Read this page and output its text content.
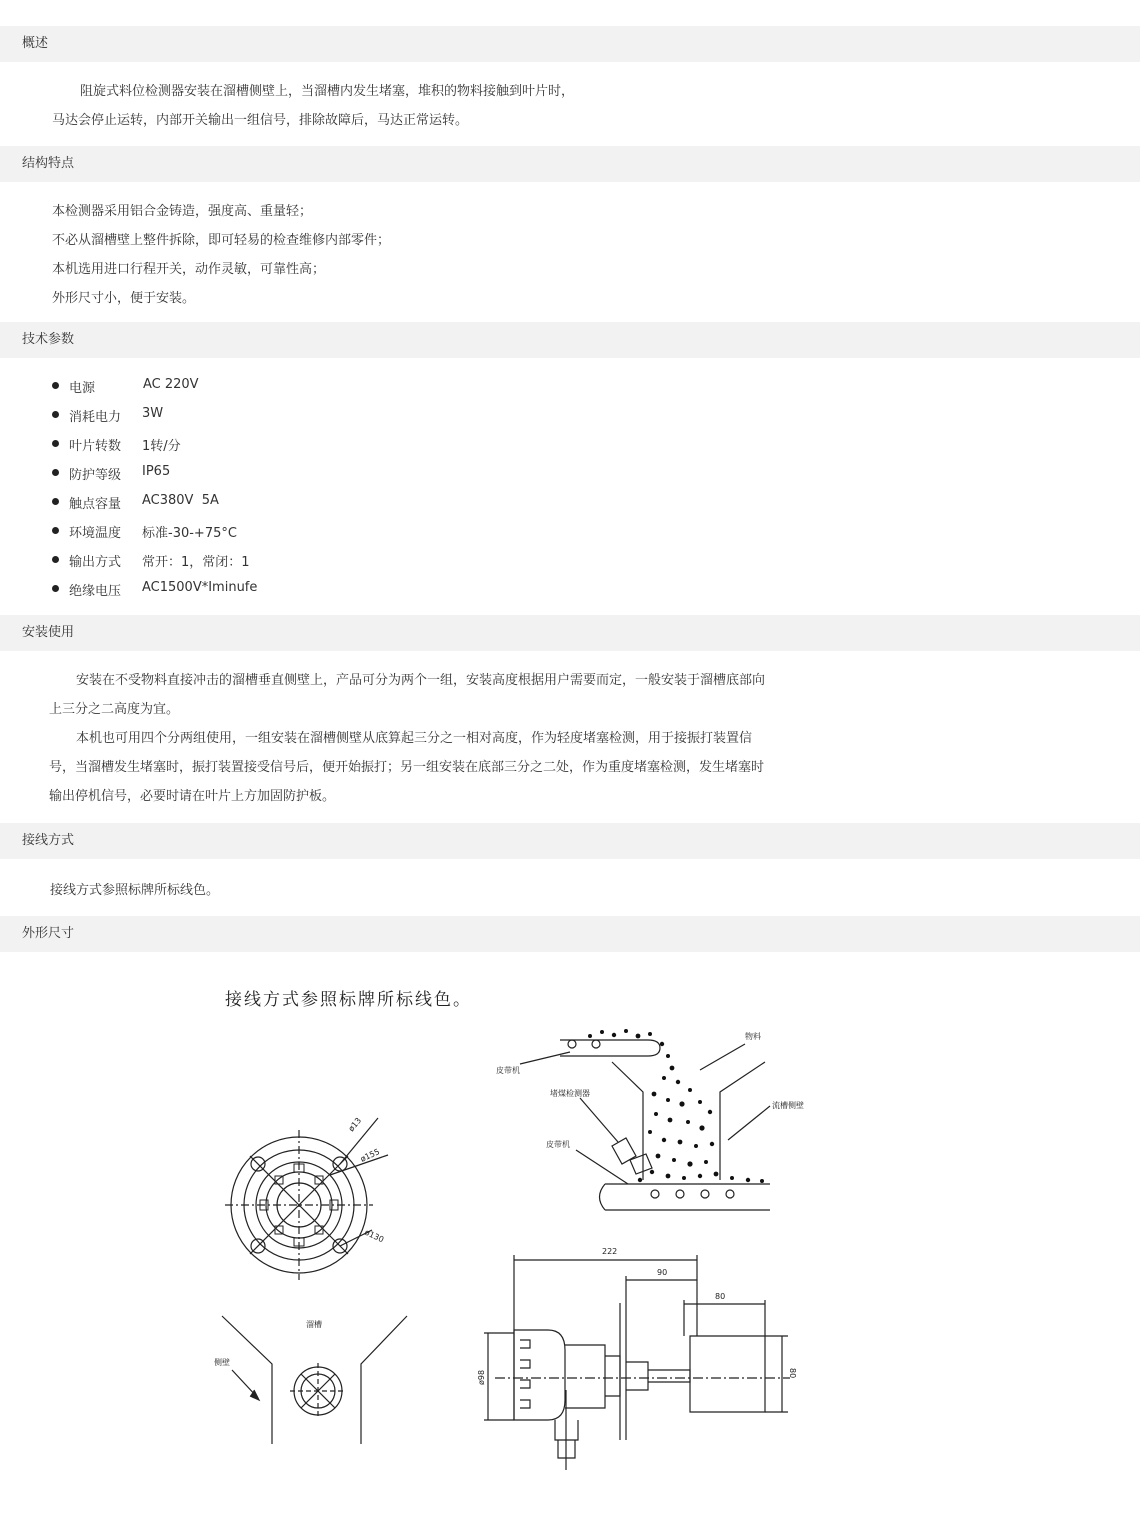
概述
阻旋式料位检测器安装在溜槽侧壁上，当溜槽内发生堵塞，堆积的物料接触到叶片时，
马达会停止运转，内部开关输出一组信号，排除故障后，马达正常运转。
结构特点
本检测器采用铝合金铸造，强度高、重量轻；
不必从溜槽壁上整件拆除，即可轻易的检查维修内部零件；
本机选用进口行程开关，动作灵敏，可靠性高；
外形尺寸小，便于安装。
技术参数
电源	AC 220V
消耗电力 3W
叶片转数 1转/分
防护等级 IP65
触点容量 AC380V  5A
环境温度 标准-30-+75°C
输出方式 常开：1，常闭：1
绝缘电压 AC1500V*Iminufe
安装使用
安装在不受物料直接冲击的溜槽垂直侧壁上，产品可分为两个一组，安装高度根据用户需要而定，一般安装于溜槽底部向
上三分之二高度为宜。
本机也可用四个分两组使用，一组安装在溜槽侧壁从底算起三分之一相对高度，作为轻度堵塞检测，用于接振打装置信
号，当溜槽发生堵塞时，振打装置接受信号后，便开始振打；另一组安装在底部三分之二处，作为重度堵塞检测，发生堵塞时
输出停机信号，必要时请在叶片上方加固防护板。
接线方式
接线方式参照标牌所标线色。
外形尺寸
接线方式参照标牌所标线色。
ø13
ø155
ø130
溜槽
侧壁
皮带机
物料
堵煤检测器
流槽侧壁
皮带机
222
90
80
ø98	80
